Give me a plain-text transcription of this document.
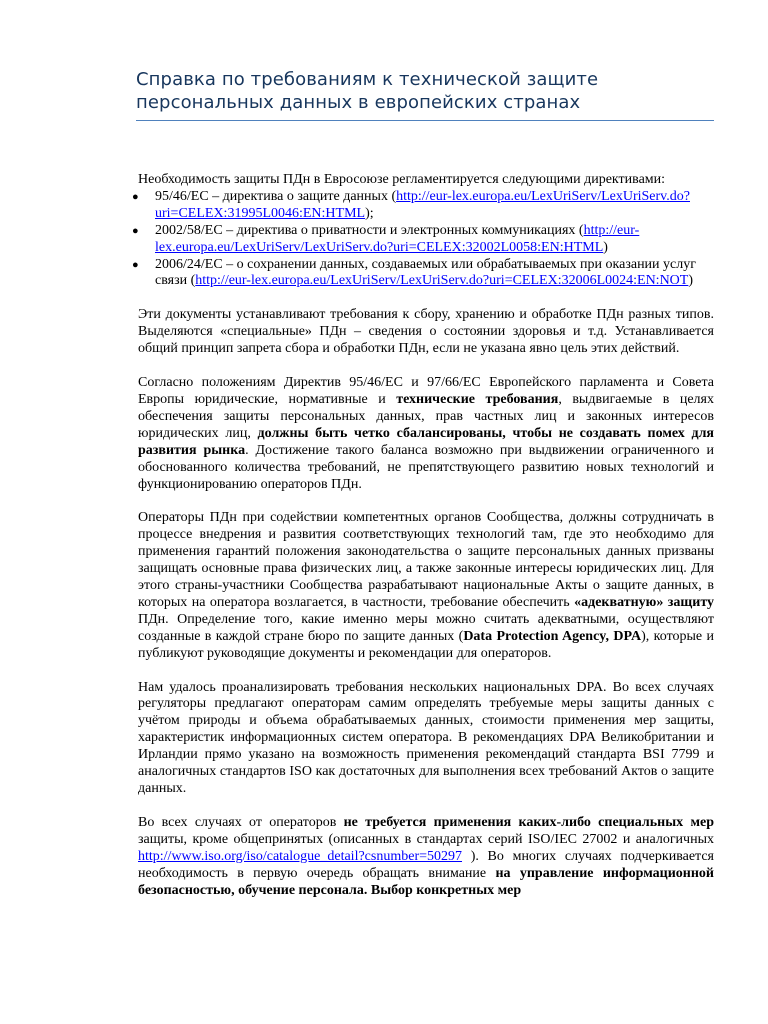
Справка по требованиям к технической защите персональных данных в европейских странах

Необходимость защиты ПДн в Евросоюзе регламентируется следующими директивами:

● 95/46/EC – директива о защите данных (http://eur-lex.europa.eu/LexUriServ/LexUriServ.do?uri=CELEX:31995L0046:EN:HTML);
● 2002/58/EC – директива о приватности и электронных коммуникациях (http://eur-lex.europa.eu/LexUriServ/LexUriServ.do?uri=CELEX:32002L0058:EN:HTML)
● 2006/24/EC – о сохранении данных, создаваемых или обрабатываемых при оказании услуг связи (http://eur-lex.europa.eu/LexUriServ/LexUriServ.do?uri=CELEX:32006L0024:EN:NOT)

Эти документы устанавливают требования к сбору, хранению и обработке ПДн разных типов. Выделяются «специальные» ПДн – сведения о состоянии здоровья и т.д. Устанавливается общий принцип запрета сбора и обработки ПДн, если не указана явно цель этих действий.

Согласно положениям Директив 95/46/EC и 97/66/EC Европейского парламента и Совета Европы юридические, нормативные и технические требования, выдвигаемые в целях обеспечения защиты персональных данных, прав частных лиц и законных интересов юридических лиц, должны быть четко сбалансированы, чтобы не создавать помех для развития рынка. Достижение такого баланса возможно при выдвижении ограниченного и обоснованного количества требований, не препятствующего развитию новых технологий и функционированию операторов ПДн.

Операторы ПДн при содействии компетентных органов Сообщества, должны сотрудничать в процессе внедрения и развития соответствующих технологий там, где это необходимо для применения гарантий положения законодательства о защите персональных данных призваны защищать основные права физических лиц, а также законные интересы юридических лиц. Для этого страны-участники Сообщества разрабатывают национальные Акты о защите данных, в которых на оператора возлагается, в частности, требование обеспечить «адекватную» защиту ПДн. Определение того, какие именно меры можно считать адекватными, осуществляют созданные в каждой стране бюро по защите данных (Data Protection Agency, DPA), которые и публикуют руководящие документы и рекомендации для операторов.

Нам удалось проанализировать требования нескольких национальных DPA. Во всех случаях регуляторы предлагают операторам самим определять требуемые меры защиты данных с учётом природы и объема обрабатываемых данных, стоимости применения мер защиты, характеристик информационных систем оператора. В рекомендациях DPA Великобритании и Ирландии прямо указано на возможность применения рекомендаций стандарта BSI 7799 и аналогичных стандартов ISO как достаточных для выполнения всех требований Актов о защите данных.

Во всех случаях от операторов не требуется применения каких-либо специальных мер защиты, кроме общепринятых (описанных в стандартах серий ISO/IEC 27002 и аналогичных http://www.iso.org/iso/catalogue_detail?csnumber=50297 ). Во многих случаях подчеркивается необходимость в первую очередь обращать внимание на управление информационной безопасностью, обучение персонала. Выбор конкретных мер
